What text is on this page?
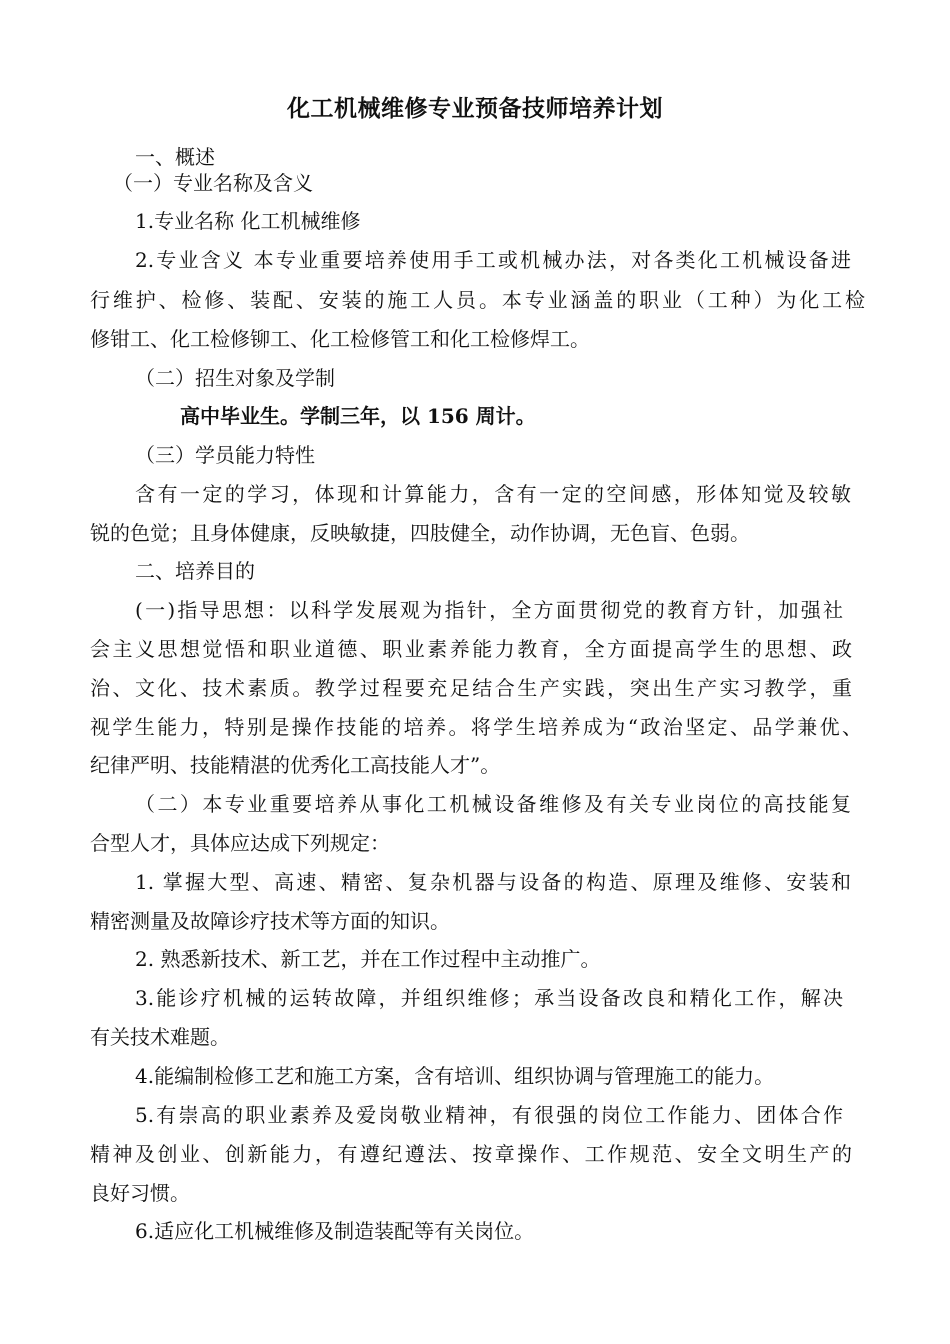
化工机械维修专业预备技师培养计划
一、概述
（一）专业名称及含义
1.专业名称 化工机械维修
2.专业含义 本专业重要培养使用手工或机械办法，对各类化工机械设备进
行维护、检修、装配、安装的施工人员。本专业涵盖的职业（工种）为化工检
修钳工、化工检修铆工、化工检修管工和化工检修焊工。
（二）招生对象及学制
高中毕业生。学制三年，以 156 周计。
（三）学员能力特性
含有一定的学习，体现和计算能力，含有一定的空间感，形体知觉及较敏
锐的色觉；且身体健康，反映敏捷，四肢健全，动作协调，无色盲、色弱。
二、培养目的
(一)指导思想：以科学发展观为指针，全方面贯彻党的教育方针，加强社
会主义思想觉悟和职业道德、职业素养能力教育，全方面提高学生的思想、政
治、文化、技术素质。教学过程要充足结合生产实践，突出生产实习教学，重
视学生能力，特别是操作技能的培养。将学生培养成为“政治坚定、品学兼优、
纪律严明、技能精湛的优秀化工高技能人才”。
（二）本专业重要培养从事化工机械设备维修及有关专业岗位的高技能复
合型人才，具体应达成下列规定：
1. 掌握大型、高速、精密、复杂机器与设备的构造、原理及维修、安装和
精密测量及故障诊疗技术等方面的知识。
2. 熟悉新技术、新工艺，并在工作过程中主动推广。
3.能诊疗机械的运转故障，并组织维修；承当设备改良和精化工作，解决
有关技术难题。
4.能编制检修工艺和施工方案，含有培训、组织协调与管理施工的能力。
5.有崇高的职业素养及爱岗敬业精神，有很强的岗位工作能力、团体合作
精神及创业、创新能力，有遵纪遵法、按章操作、工作规范、安全文明生产的
良好习惯。
6.适应化工机械维修及制造装配等有关岗位。
